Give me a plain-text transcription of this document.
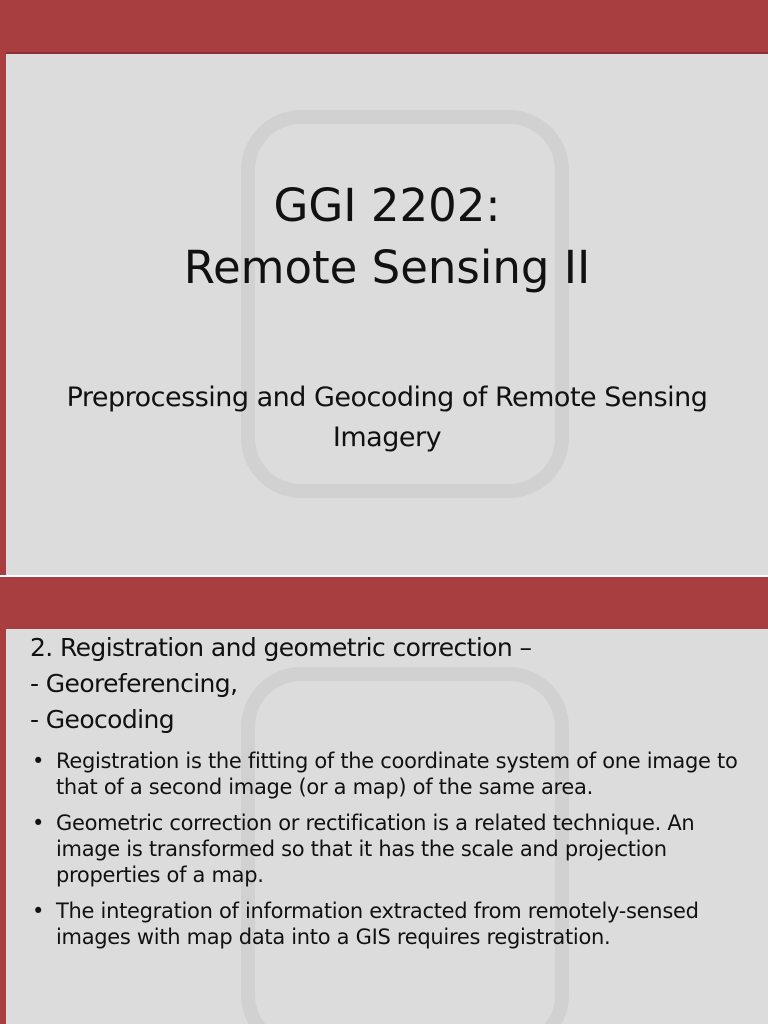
GGI 2202:
Remote Sensing II
Preprocessing and Geocoding of Remote Sensing Imagery
2. Registration and geometric correction –
- Georeferencing,
- Geocoding
• Registration is the fitting of the coordinate system of one image to that of a second image (or a map) of the same area.
• Geometric correction or rectification is a related technique. An image is transformed so that it has the scale and projection properties of a map.
• The integration of information extracted from remotely-sensed images with map data into a GIS requires registration.
